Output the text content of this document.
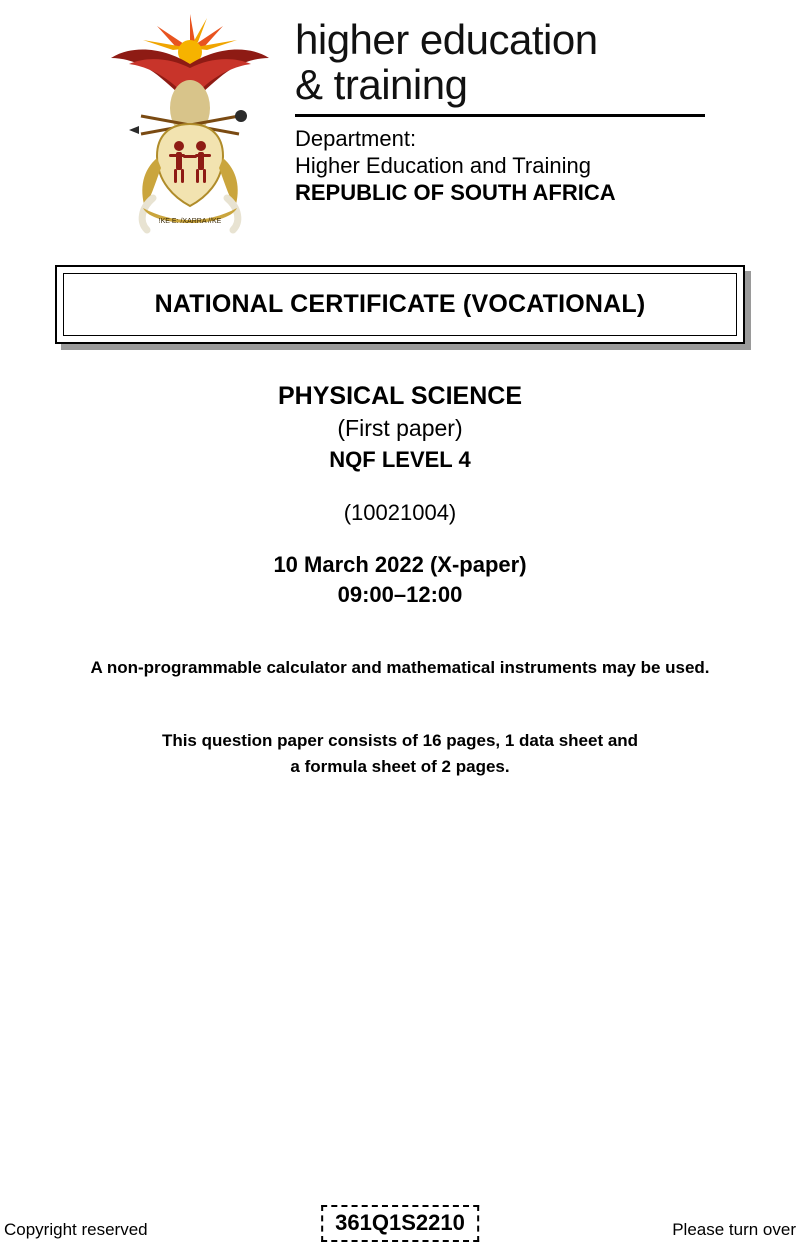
!KE E: /XARRA //KE
higher education
& training
Department:
Higher Education and Training
REPUBLIC OF SOUTH AFRICA
NATIONAL CERTIFICATE (VOCATIONAL)
PHYSICAL SCIENCE
(First paper)
NQF LEVEL 4
(10021004)
10 March 2022 (X-paper)
09:00–12:00
A non-programmable calculator and mathematical instruments may be used.
This question paper consists of 16 pages, 1 data sheet and
a formula sheet of 2 pages.
Copyright reserved	361Q1S2210	Please turn over
